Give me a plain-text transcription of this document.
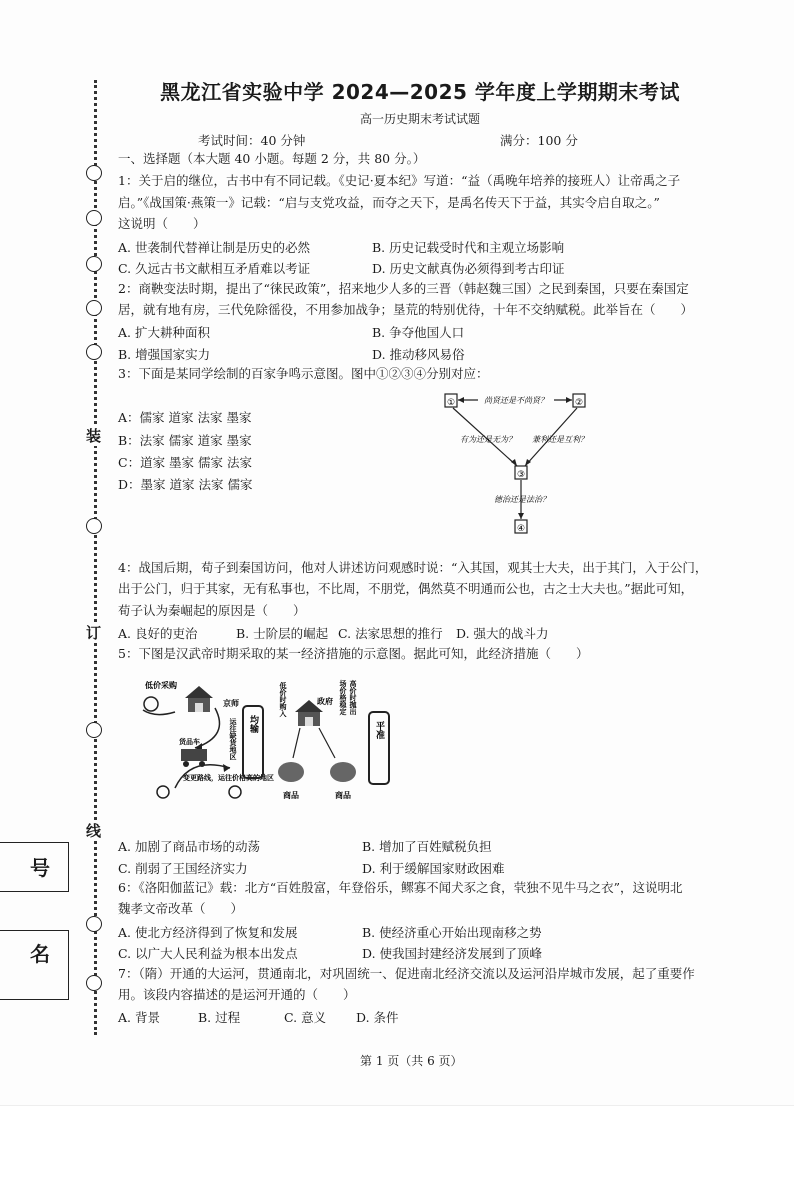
装
订
线
号
名
黑龙江省实验中学 2024—2025 学年度上学期期末考试
高一历史期末考试试题
考试时间：40 分钟	满分：100 分
一、选择题（本大题 40 小题。每题 2 分，共 80 分。）
1：关于启的继位，古书中有不同记载。《史记·夏本纪》写道：“益（禹晚年培养的接班人）让帝禹之子
启。”《战国策·燕策一》记载：“启与支党攻益，而夺之天下，是禹名传天下于益，其实令启自取之。”
这说明（　　）
A. 世袭制代替禅让制是历史的必然	B. 历史记载受时代和主观立场影响
C. 久远古书文献相互矛盾难以考证	D. 历史文献真伪必须得到考古印证
2：商鞅变法时期，提出了“徕民政策”，招来地少人多的三晋（韩赵魏三国）之民到秦国，只要在秦国定
居，就有地有房，三代免除徭役，不用参加战争；垦荒的特别优待，十年不交纳赋税。此举旨在（　　）
A. 扩大耕种面积	B. 争夺他国人口
B. 增强国家实力	D. 推动移风易俗
3：下面是某同学绘制的百家争鸣示意图。图中①②③④分别对应：
A：儒家 道家 法家 墨家
B：法家 儒家 道家 墨家
C：道家 墨家 儒家 法家
D：墨家 道家 法家 儒家
①	②
③
④
尚贤还是不尚贤？
有为还是无为？ 兼利还是互利？
德治还是法治？
4：战国后期，荀子到秦国访问，他对人讲述访问观感时说：“入其国，观其士大夫，出于其门，入于公门，
出于公门，归于其家，无有私事也，不比周，不朋党，偶然莫不明通而公也，古之士大夫也。”据此可知，
荀子认为秦崛起的原因是（　　）
A. 良好的吏治	B. 士阶层的崛起 C. 法家思想的推行 D. 强大的战斗力
5：下图是汉武帝时期采取的某一经济措施的示意图。据此可知，此经济措施（　　）
低价采购
京师
货品车	运往缺货地区
变更路线，运往价格高的地区
均输
低价时购入	政府 场价格稳定 高价时抛出
商品	商品
平准
A. 加剧了商品市场的动荡	B. 增加了百姓赋税负担
C. 削弱了王国经济实力	D. 利于缓解国家财政困难
6：《洛阳伽蓝记》载：北方“百姓殷富，年登俗乐，鳏寡不闻犬豕之食，茕独不见牛马之衣”，这说明北
魏孝文帝改革（　　）
A. 使北方经济得到了恢复和发展	B. 使经济重心开始出现南移之势
C. 以广大人民利益为根本出发点	D. 使我国封建经济发展到了顶峰
7：（隋）开通的大运河，贯通南北，对巩固统一、促进南北经济交流以及运河沿岸城市发展，起了重要作
用。该段内容描述的是运河开通的（　　）
A. 背景	B. 过程	C. 意义 D. 条件
第 1 页（共 6 页）
